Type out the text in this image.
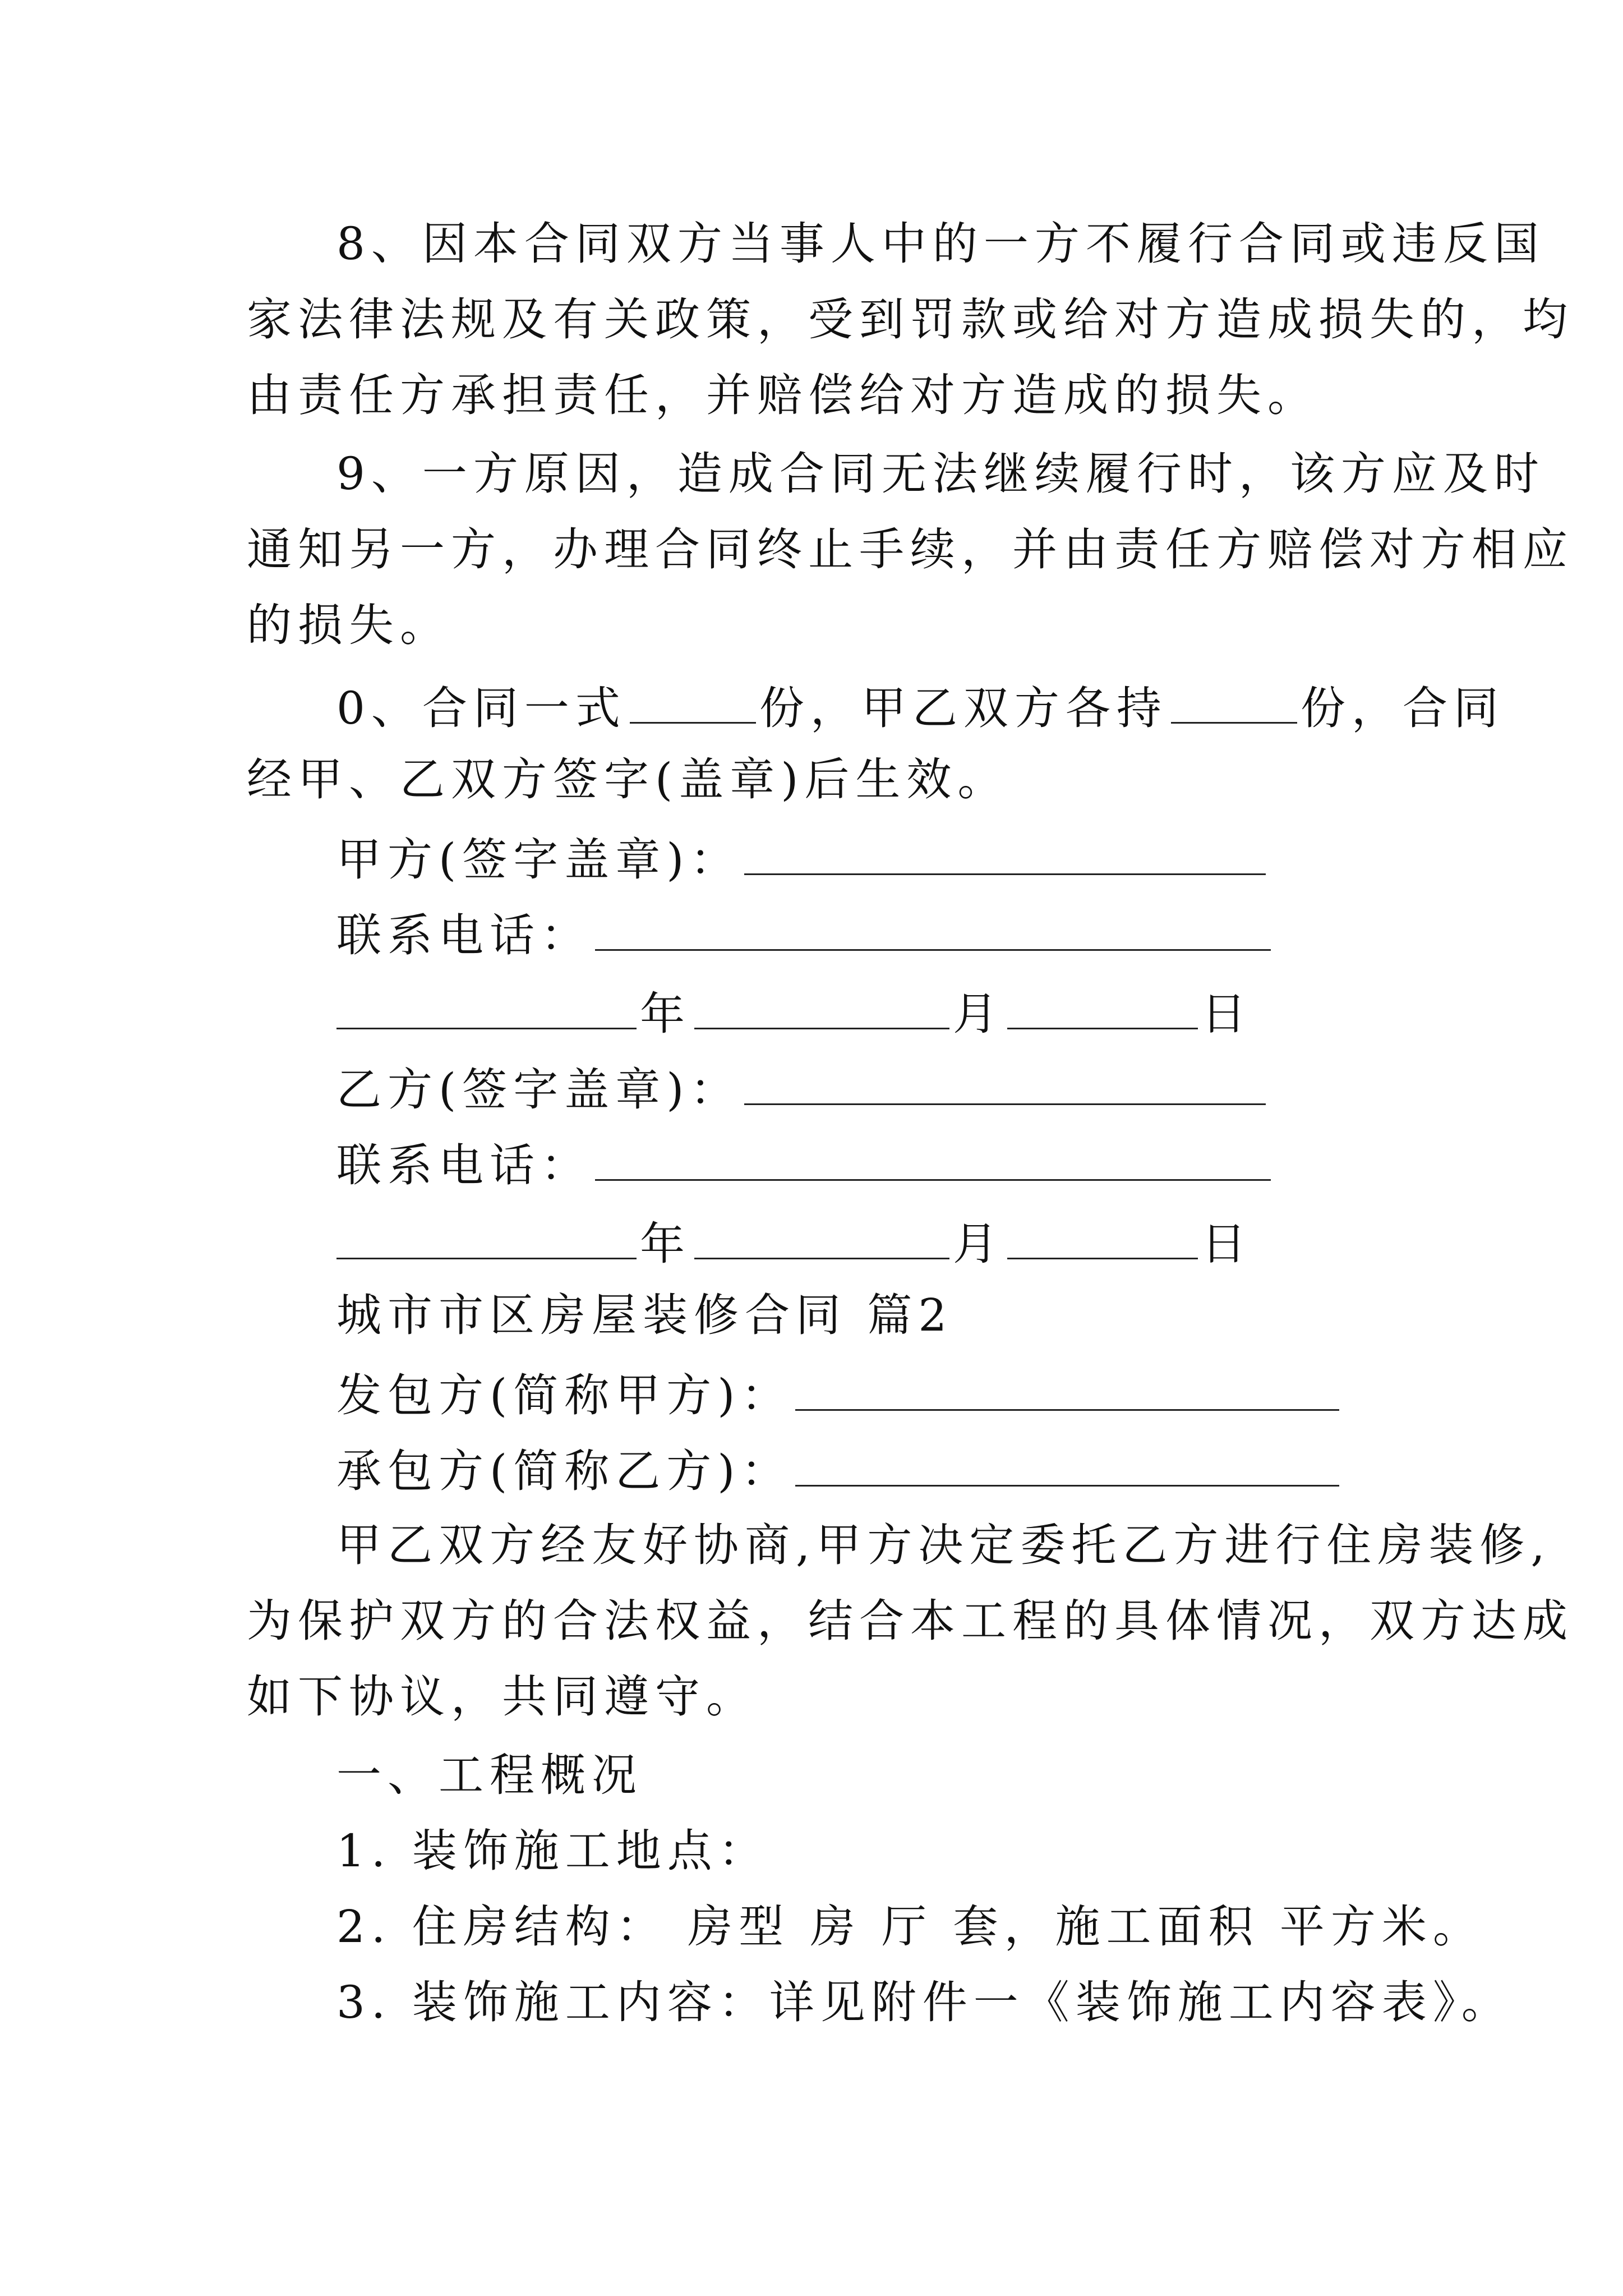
8、因本合同双方当事人中的一方不履行合同或违反国
家法律法规及有关政策，受到罚款或给对方造成损失的，均
由责任方承担责任，并赔偿给对方造成的损失。
9、一方原因，造成合同无法继续履行时，该方应及时
通知另一方，办理合同终止手续，并由责任方赔偿对方相应
的损失。
0、合同一式	份，甲乙双方各持	份，合同
经甲、乙双方签字(盖章)后生效。
甲方(签字盖章)：
联系电话：
年	月	日
乙方(签字盖章)：
联系电话：
年	月	日
城市市区房屋装修合同 篇2
发包方(简称甲方)：
承包方(简称乙方)：
甲乙双方经友好协商,甲方决定委托乙方进行住房装修,
为保护双方的合法权益，结合本工程的具体情况，双方达成
如下协议，共同遵守。
一、工程概况
1. 装饰施工地点：
2. 住房结构： 房型 房 厅 套，施工面积 平方米。
3. 装饰施工内容：详见附件一《装饰施工内容表》。
